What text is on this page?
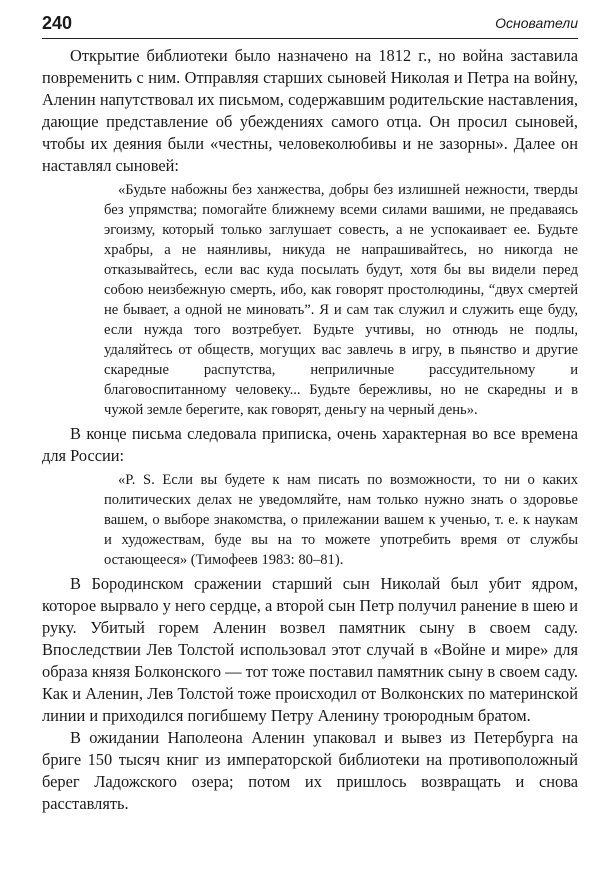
240	Основатели

Открытие библиотеки было назначено на 1812 г., но война заставила повременить с ним. Отправляя старших сыновей Николая и Петра на войну, Аленин напутствовал их письмом, содержавшим родительские наставления, дающие представление об убеждениях самого отца. Он просил сыновей, чтобы их деяния были «честны, человеколюбивы и не зазорны». Далее он наставлял сыновей:

«Будьте набожны без ханжества, добры без излишней нежности, тверды без упрямства; помогайте ближнему всеми силами вашими, не предаваясь эгоизму, который только заглушает совесть, а не успокаивает ее. Будьте храбры, а не наянливы, никуда не напрашивайтесь, но никогда не отказывайтесь, если вас куда посылать будут, хотя бы вы видели перед собою неизбежную смерть, ибо, как говорят простолюдины, “двух смертей не бывает, а одной не миновать”. Я и сам так служил и служить еще буду, если нужда того возтребует. Будьте учтивы, но отнюдь не подлы, удаляйтесь от обществ, могущих вас завлечь в игру, в пьянство и другие скаредные распутства, неприличные рассудительному и благовоспитанному человеку... Будьте бережливы, но не скаредны и в чужой земле берегите, как говорят, деньгу на черный день».

В конце письма следовала приписка, очень характерная во все времена для России:

«P. S. Если вы будете к нам писать по возможности, то ни о каких политических делах не уведомляйте, нам только нужно знать о здоровье вашем, о выборе знакомства, о прилежании вашем к ученью, т. е. к наукам и художествам, буде вы на то можете употребить время от службы остающееся» (Тимофеев 1983: 80–81).

В Бородинском сражении старший сын Николай был убит ядром, которое вырвало у него сердце, а второй сын Петр получил ранение в шею и руку. Убитый горем Аленин возвел памятник сыну в своем саду. Впоследствии Лев Толстой использовал этот случай в «Войне и мире» для образа князя Болконского — тот тоже поставил памятник сыну в своем саду. Как и Аленин, Лев Толстой тоже происходил от Волконских по материнской линии и приходился погибшему Петру Аленину троюродным братом.

В ожидании Наполеона Аленин упаковал и вывез из Петербурга на бриге 150 тысяч книг из императорской библиотеки на противоположный берег Ладожского озера; потом их пришлось возвращать и снова расставлять.
